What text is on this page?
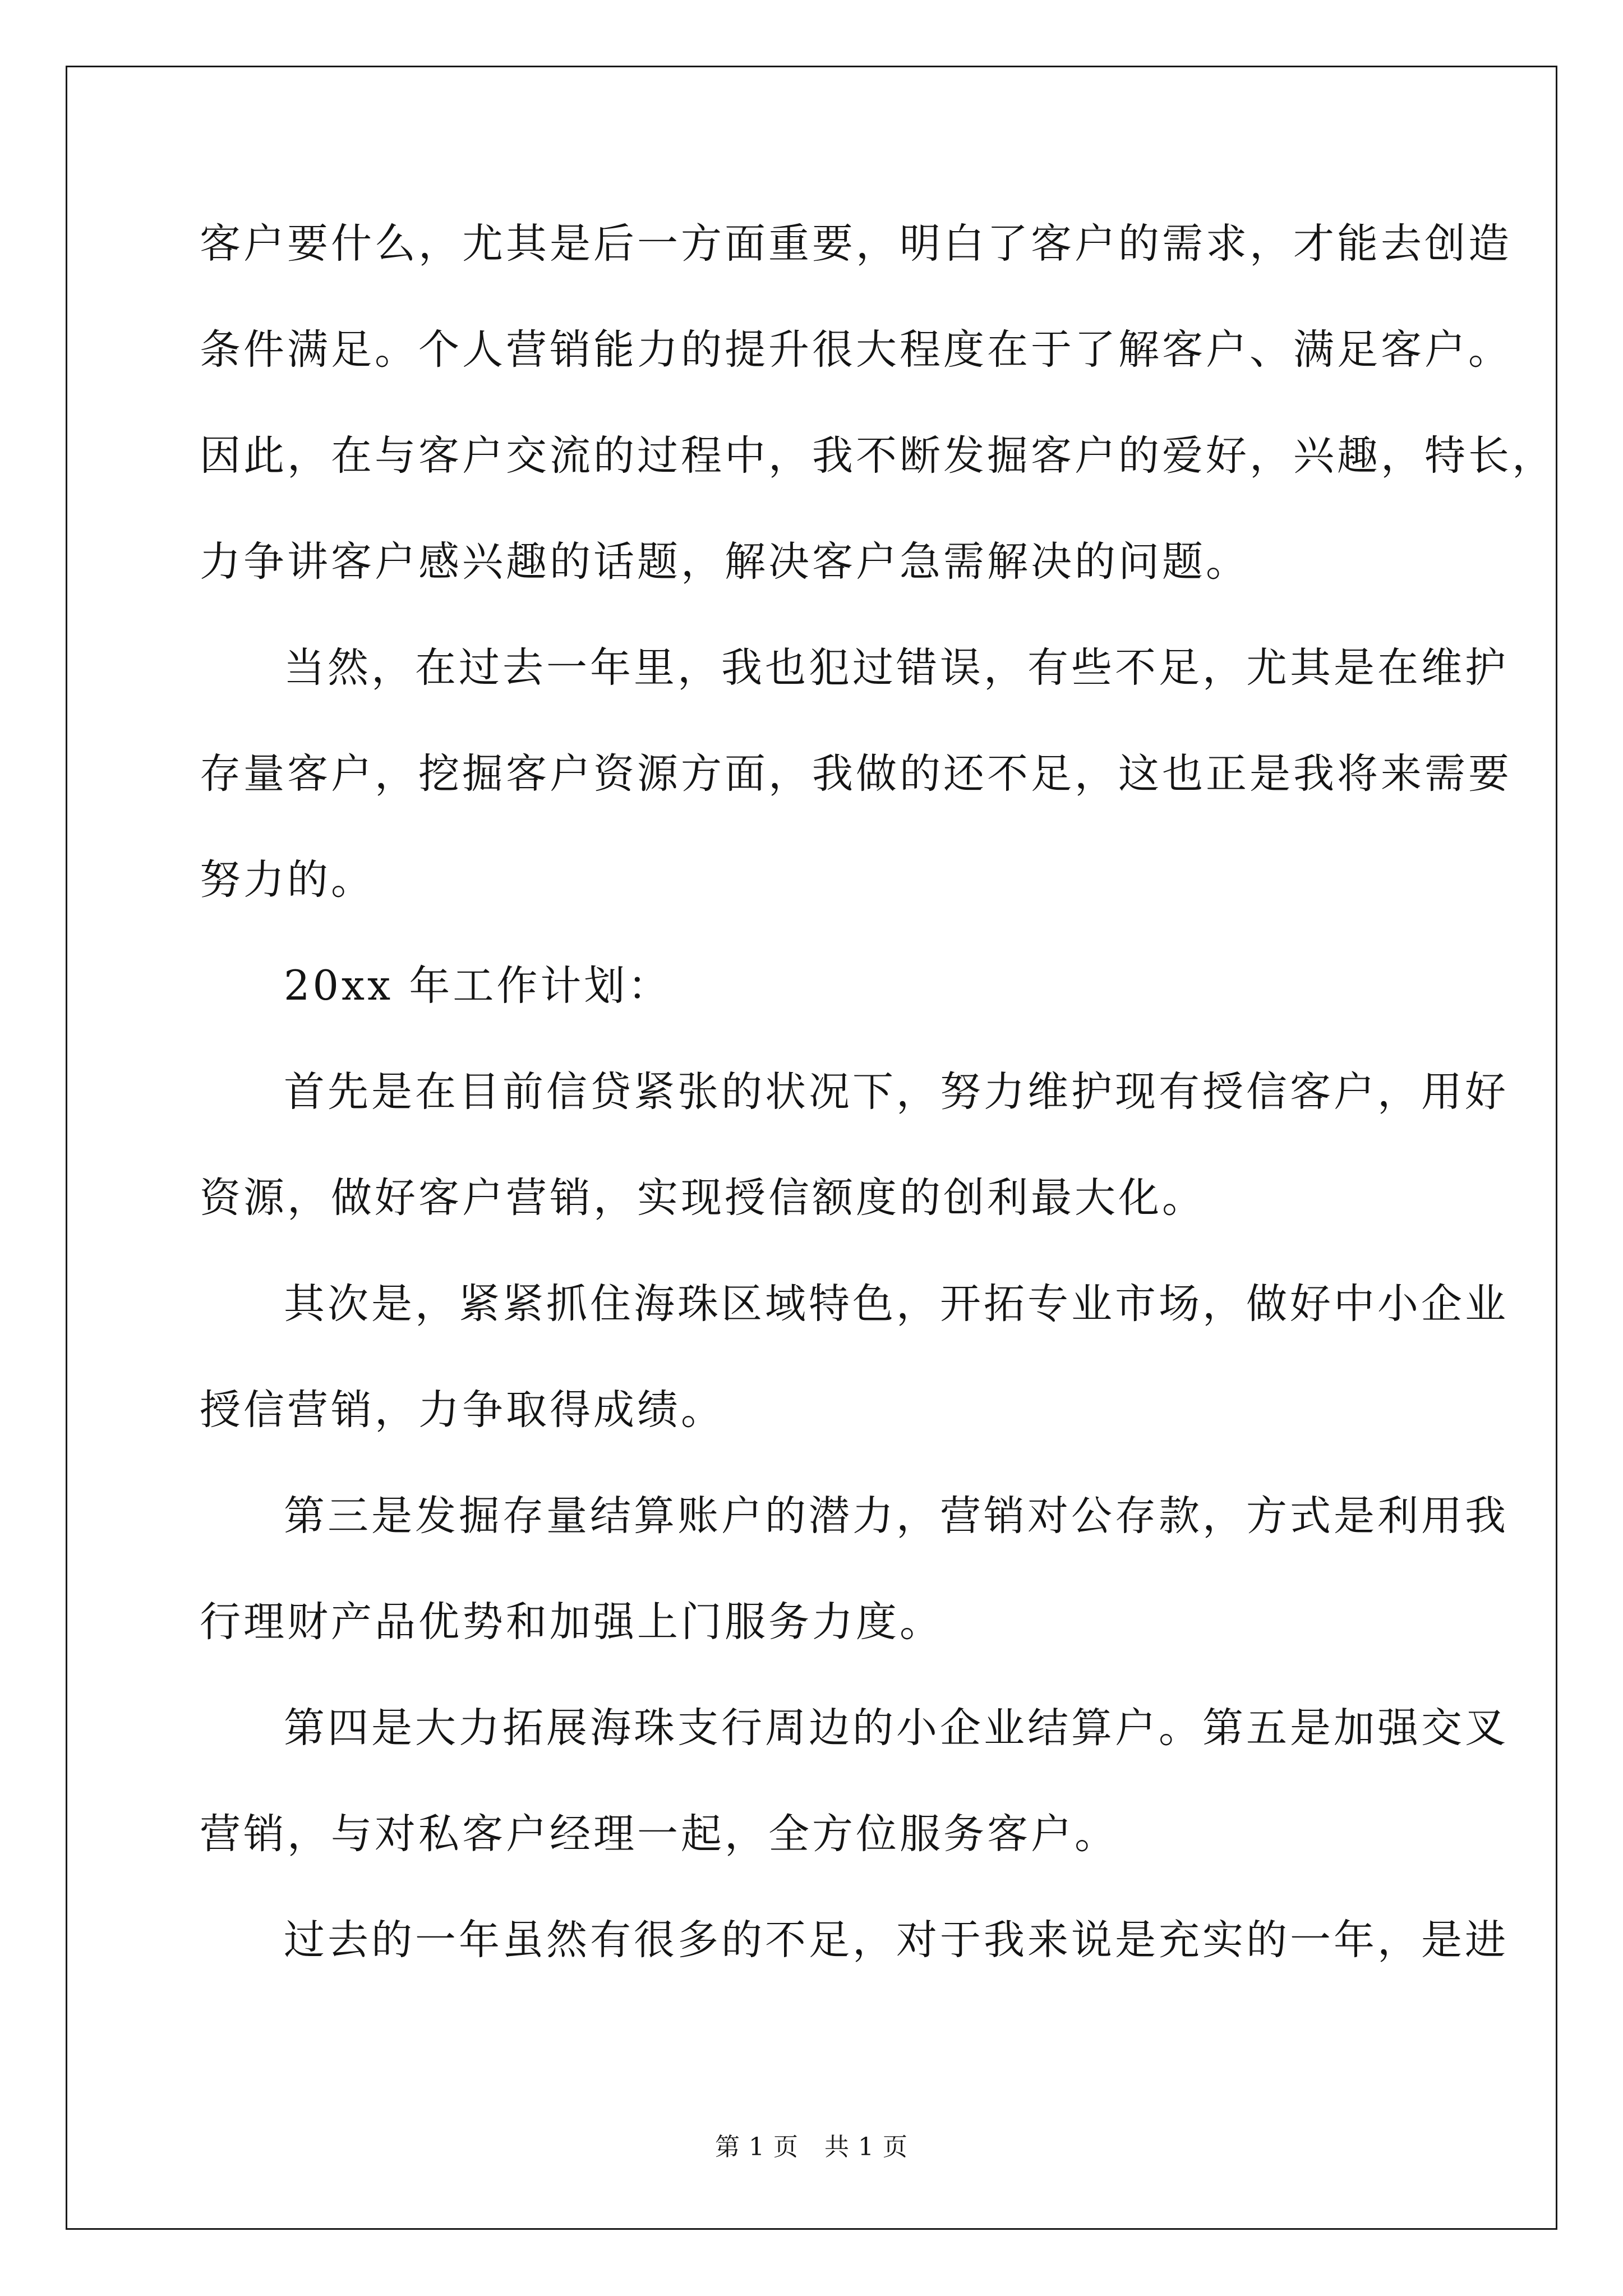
客户要什么，尤其是后一方面重要，明白了客户的需求，才能去创造
条件满足。个人营销能力的提升很大程度在于了解客户、满足客户。
因此，在与客户交流的过程中，我不断发掘客户的爱好，兴趣，特长，
力争讲客户感兴趣的话题，解决客户急需解决的问题。
当然，在过去一年里，我也犯过错误，有些不足，尤其是在维护
存量客户，挖掘客户资源方面，我做的还不足，这也正是我将来需要
努力的。
20xx 年工作计划：
首先是在目前信贷紧张的状况下，努力维护现有授信客户，用好
资源，做好客户营销，实现授信额度的创利最大化。
其次是，紧紧抓住海珠区域特色，开拓专业市场，做好中小企业
授信营销，力争取得成绩。
第三是发掘存量结算账户的潜力，营销对公存款，方式是利用我
行理财产品优势和加强上门服务力度。
第四是大力拓展海珠支行周边的小企业结算户。第五是加强交叉
营销，与对私客户经理一起，全方位服务客户。
过去的一年虽然有很多的不足，对于我来说是充实的一年，是进
第 1 页 共 1 页
